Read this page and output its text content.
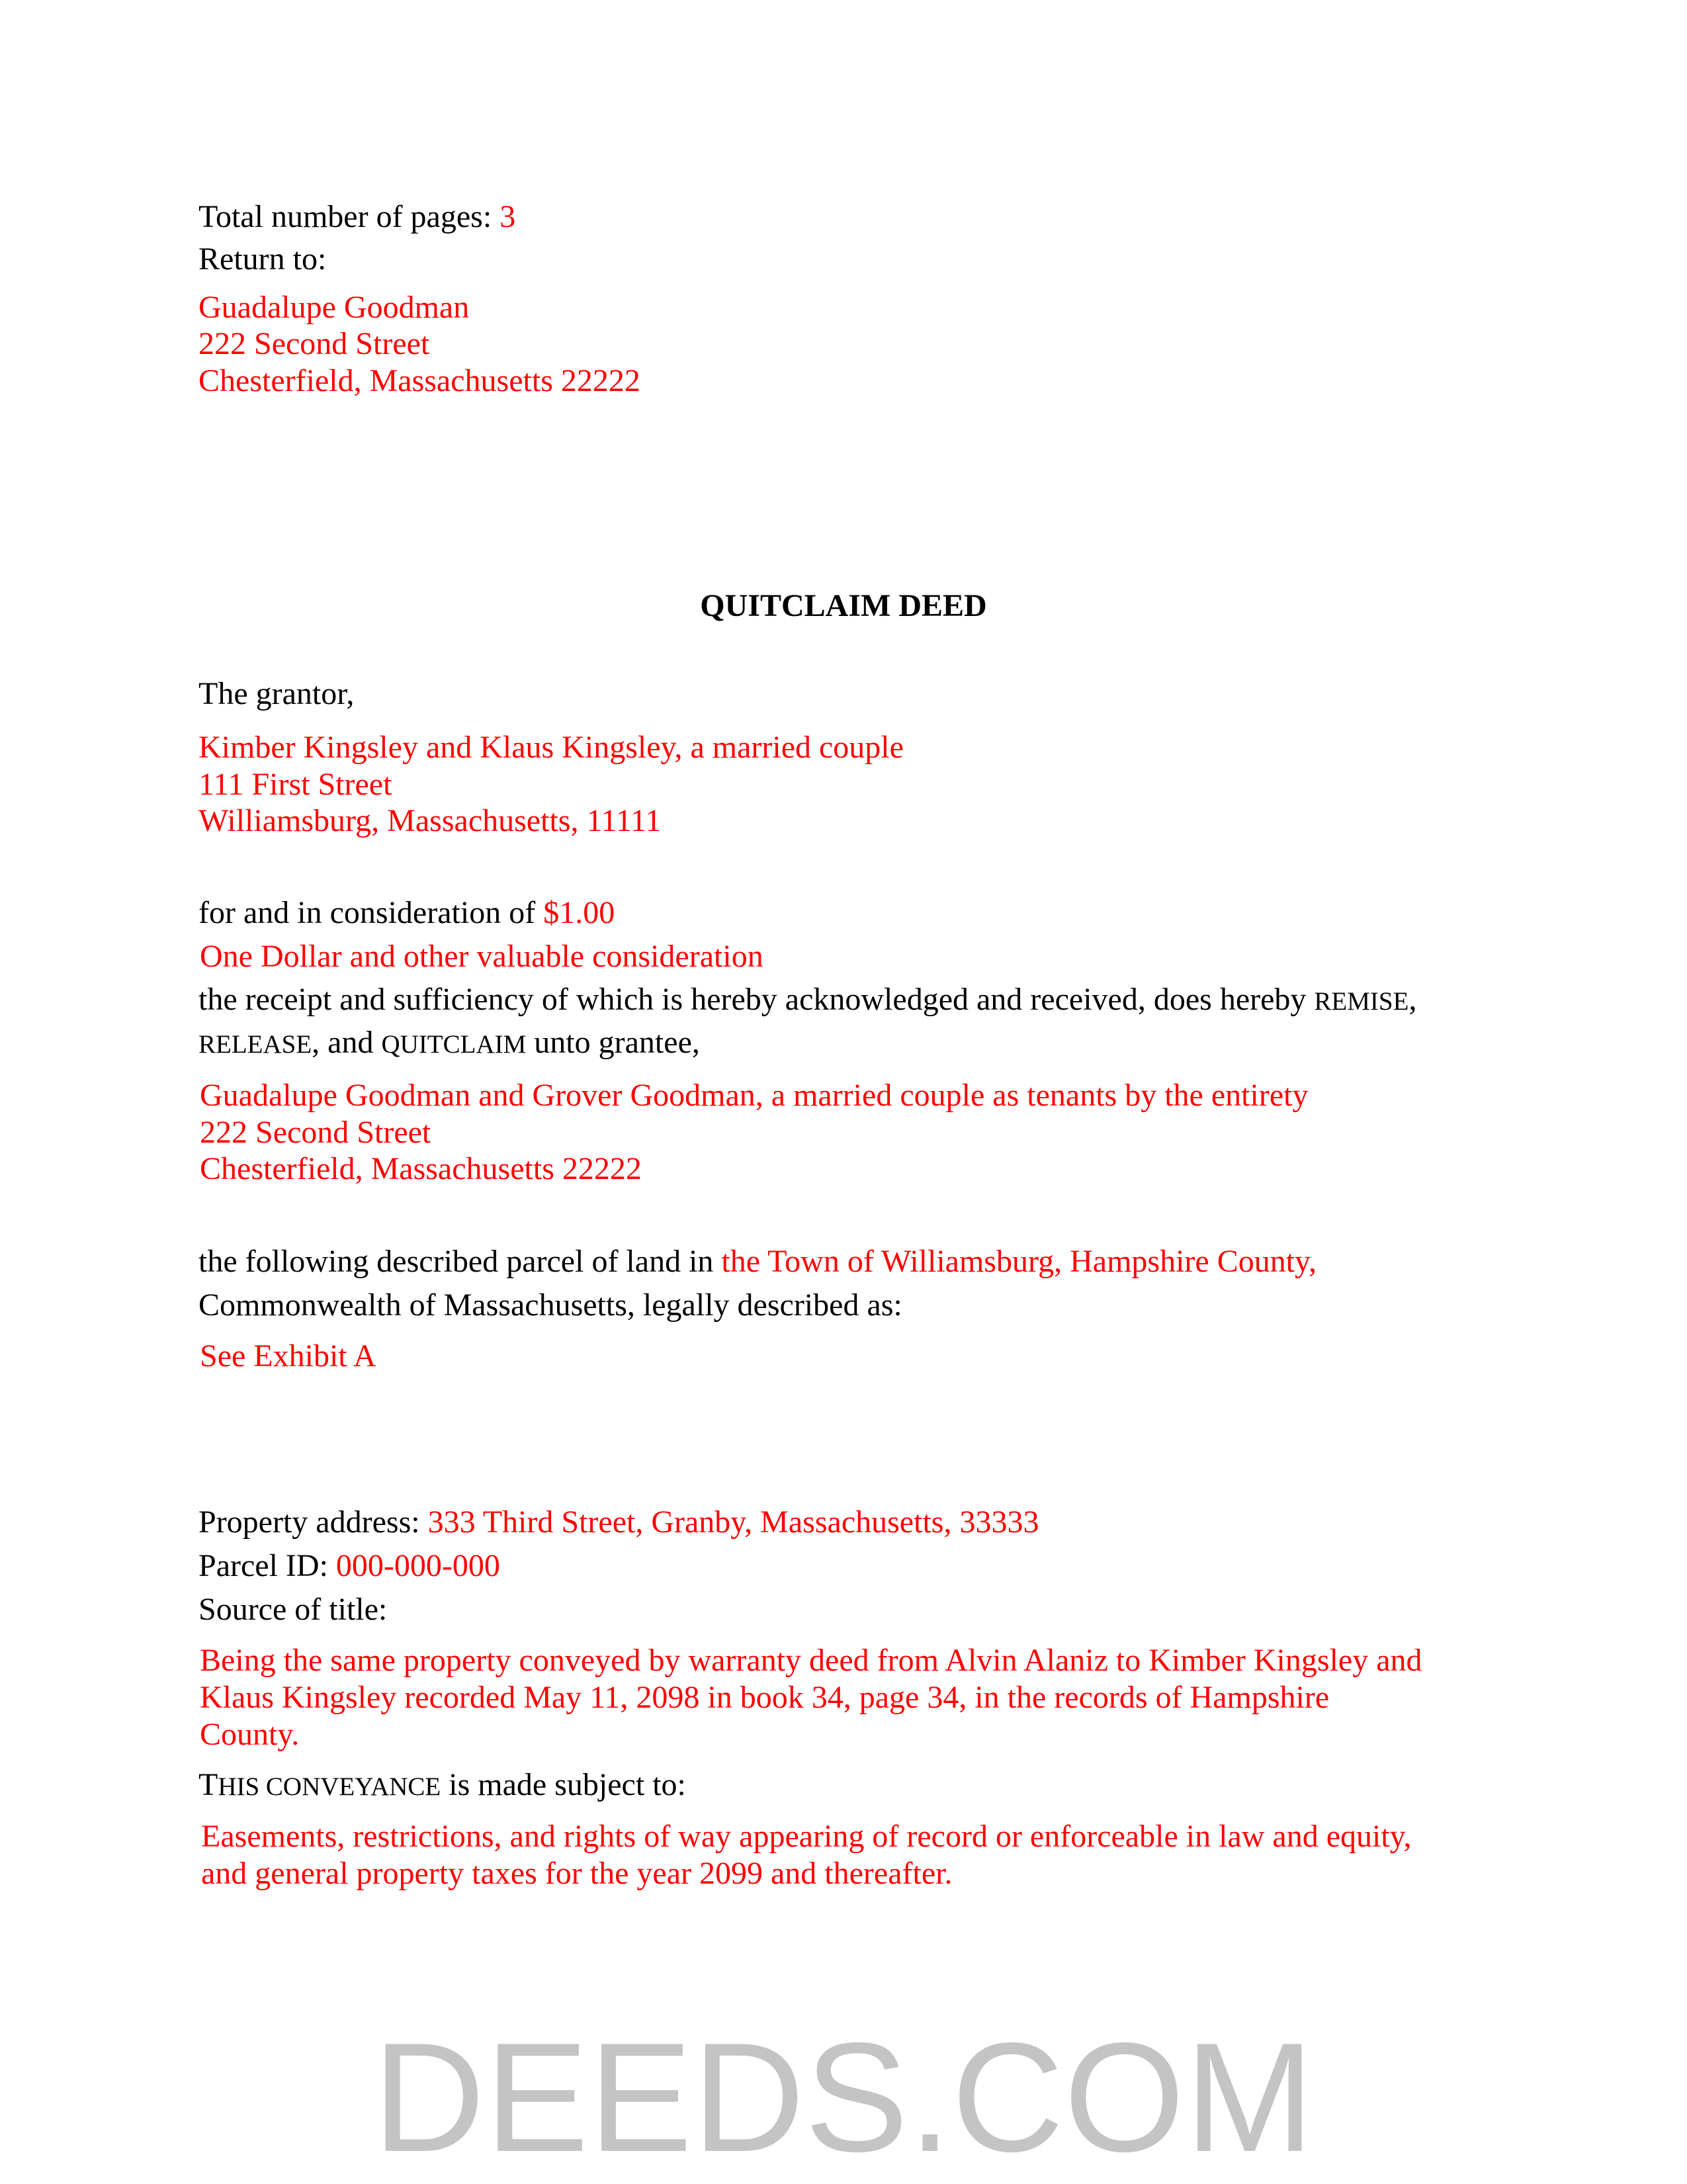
Total number of pages: 3
Return to:
Guadalupe Goodman
222 Second Street
Chesterfield, Massachusetts 22222
QUITCLAIM DEED
The grantor,
Kimber Kingsley and Klaus Kingsley, a married couple
111 First Street
Williamsburg, Massachusetts, 11111
for and in consideration of $1.00
One Dollar and other valuable consideration
the receipt and sufficiency of which is hereby acknowledged and received, does hereby REMISE,
RELEASE, and QUITCLAIM unto grantee,
Guadalupe Goodman and Grover Goodman, a married couple as tenants by the entirety
222 Second Street
Chesterfield, Massachusetts 22222
the following described parcel of land in the Town of Williamsburg, Hampshire County,
Commonwealth of Massachusetts, legally described as:
See Exhibit A
Property address: 333 Third Street, Granby, Massachusetts, 33333
Parcel ID: 000-000-000
Source of title:
Being the same property conveyed by warranty deed from Alvin Alaniz to Kimber Kingsley and
Klaus Kingsley recorded May 11, 2098 in book 34, page 34, in the records of Hampshire
County.
THIS CONVEYANCE is made subject to:
Easements, restrictions, and rights of way appearing of record or enforceable in law and equity,
and general property taxes for the year 2099 and thereafter.
DEEDS.COM
